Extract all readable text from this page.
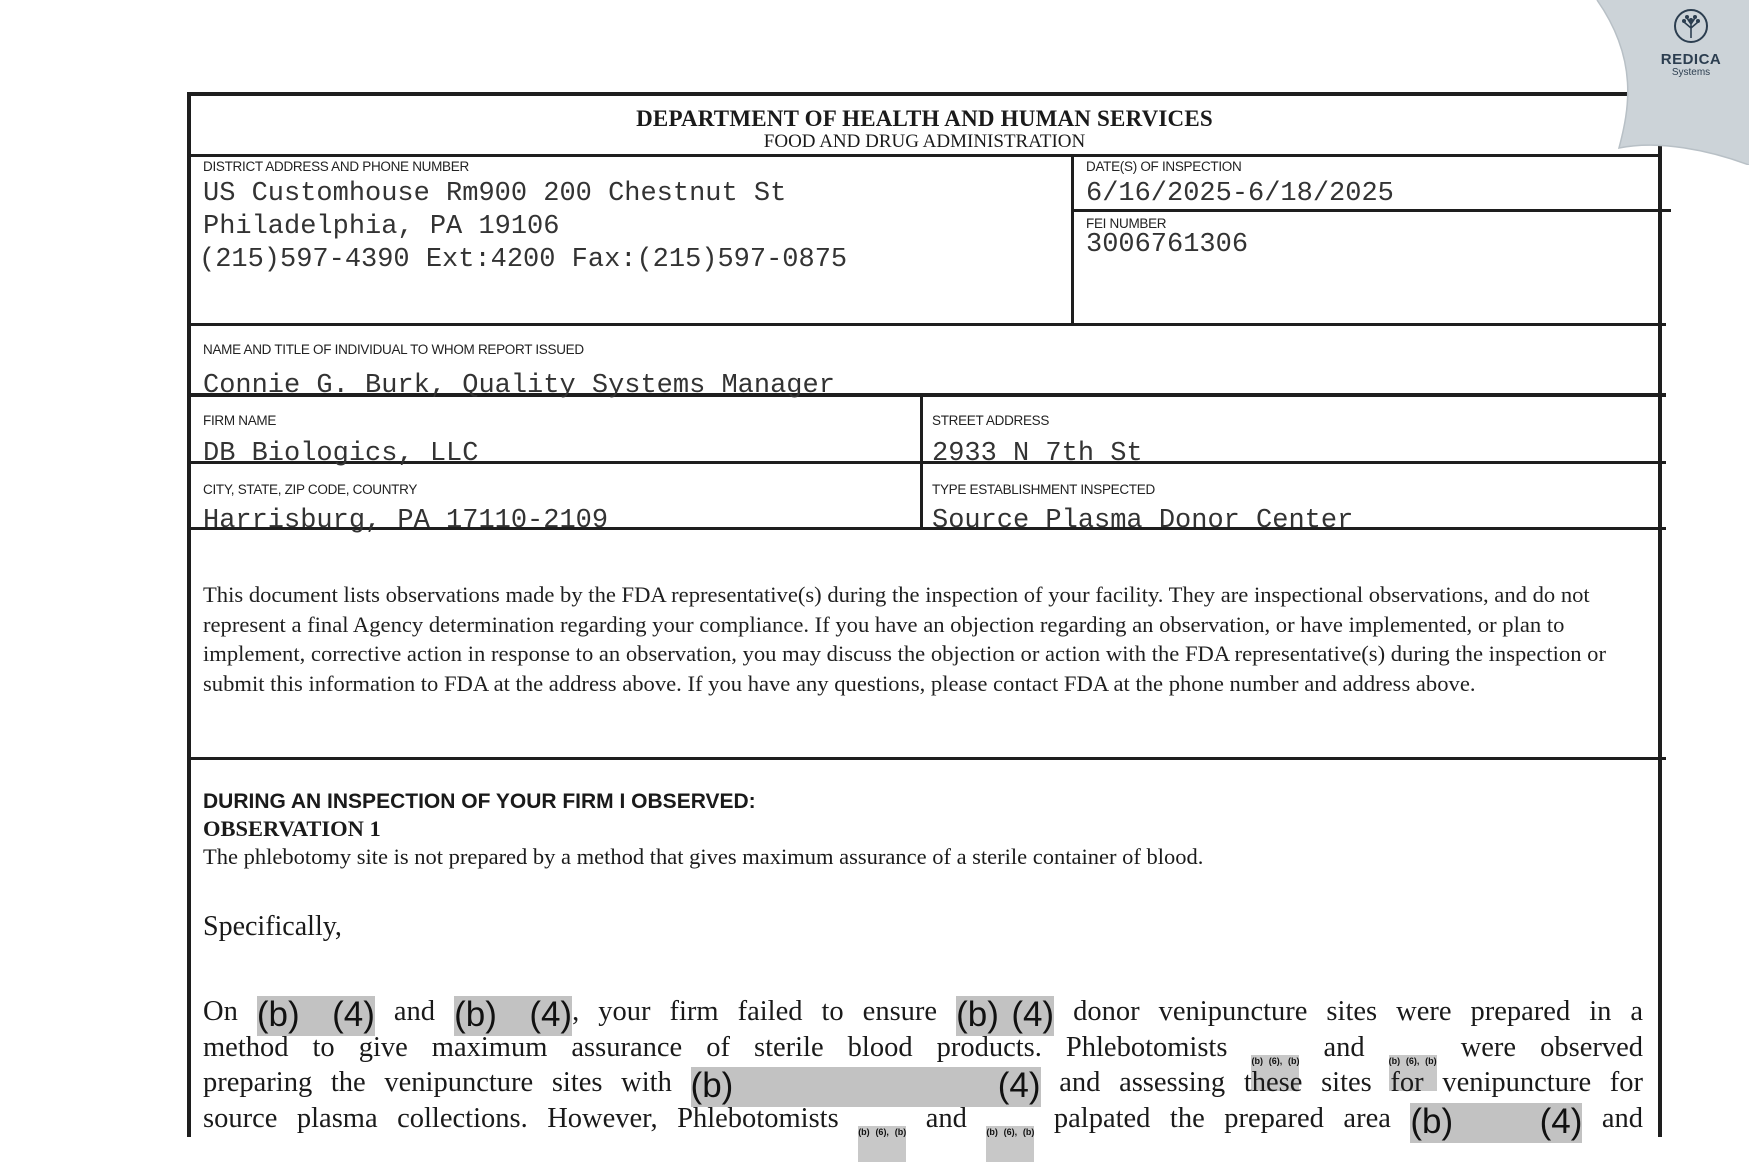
DEPARTMENT OF HEALTH AND HUMAN SERVICES
FOOD AND DRUG ADMINISTRATION
DISTRICT ADDRESS AND PHONE NUMBER
US Customhouse Rm900 200 Chestnut St
Philadelphia, PA 19106
(215)597-4390 Ext:4200 Fax:(215)597-0875
DATE(S) OF INSPECTION
6/16/2025-6/18/2025
FEI NUMBER
3006761306
NAME AND TITLE OF INDIVIDUAL TO WHOM REPORT ISSUED
Connie G. Burk, Quality Systems Manager
FIRM NAME
DB Biologics, LLC
STREET ADDRESS
2933 N 7th St
CITY, STATE, ZIP CODE, COUNTRY
Harrisburg, PA 17110-2109
TYPE ESTABLISHMENT INSPECTED
Source Plasma Donor Center
This document lists observations made by the FDA representative(s) during the inspection of your facility. They are inspectional observations, and do not represent a final Agency determination regarding your compliance. If you have an objection regarding an observation, or have implemented, or plan to implement, corrective action in response to an observation, you may discuss the objection or action with the FDA representative(s) during the inspection or submit this information to FDA at the address above. If you have any questions, please contact FDA at the phone number and address above.
DURING AN INSPECTION OF YOUR FIRM I OBSERVED:
OBSERVATION 1
The phlebotomy site is not prepared by a method that gives maximum assurance of a sterile container of blood.
Specifically,
On (b) (4) and (b) (4), your firm failed to ensure (b) (4) donor venipuncture sites were prepared in a
method to give maximum assurance of sterile blood products. Phlebotomists	(b) (6), (b) and	(b) (6), (b) were observed
preparing the venipuncture sites with (b) (4) and assessing these sites for venipuncture for
source plasma collections. However, Phlebotomists (b) (6), (b) and (b) (6), (b) palpated the prepared area (b) (4) and
REDICA
Systems
